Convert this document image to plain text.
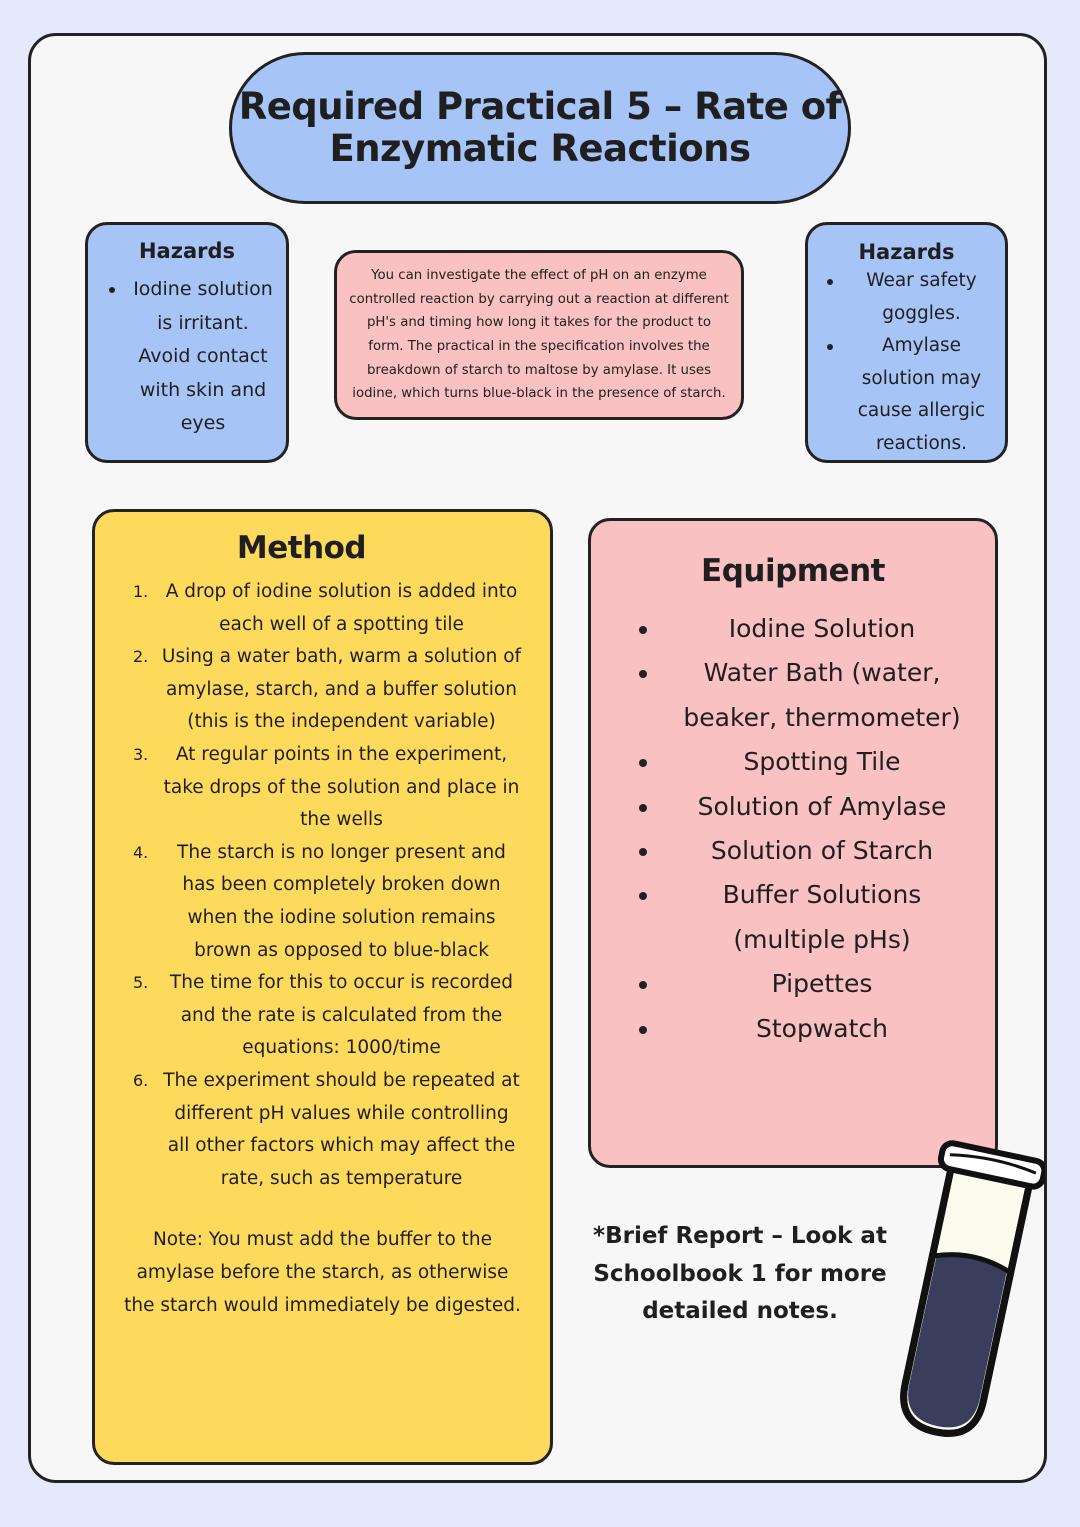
Required Practical 5 – Rate of
Enzymatic Reactions
Hazards
Iodine solution
is irritant.
Avoid contact
with skin and
eyes

You can investigate the effect of pH on an enzyme controlled reaction by carrying out a reaction at different pH's and timing how long it takes for the product to form. The practical in the specification involves the breakdown of starch to maltose by amylase. It uses iodine, which turns blue-black in the presence of starch.

Hazards
Wear safety goggles.
Amylase solution may cause allergic reactions.
Method
1. A drop of iodine solution is added into each well of a spotting tile
2. Using a water bath, warm a solution of amylase, starch, and a buffer solution (this is the independent variable)
3. At regular points in the experiment, take drops of the solution and place in the wells
4. The starch is no longer present and has been completely broken down when the iodine solution remains brown as opposed to blue-black
5. The time for this to occur is recorded and the rate is calculated from the equations: 1000/time
6. The experiment should be repeated at different pH values while controlling all other factors which may affect the rate, such as temperature

Note: You must add the buffer to the amylase before the starch, as otherwise the starch would immediately be digested.

Equipment
Iodine Solution
Water Bath (water, beaker, thermometer)
Spotting Tile
Solution of Amylase
Solution of Starch
Buffer Solutions (multiple pHs)
Pipettes
Stopwatch
*Brief Report – Look at
Schoolbook 1 for more
detailed notes.
